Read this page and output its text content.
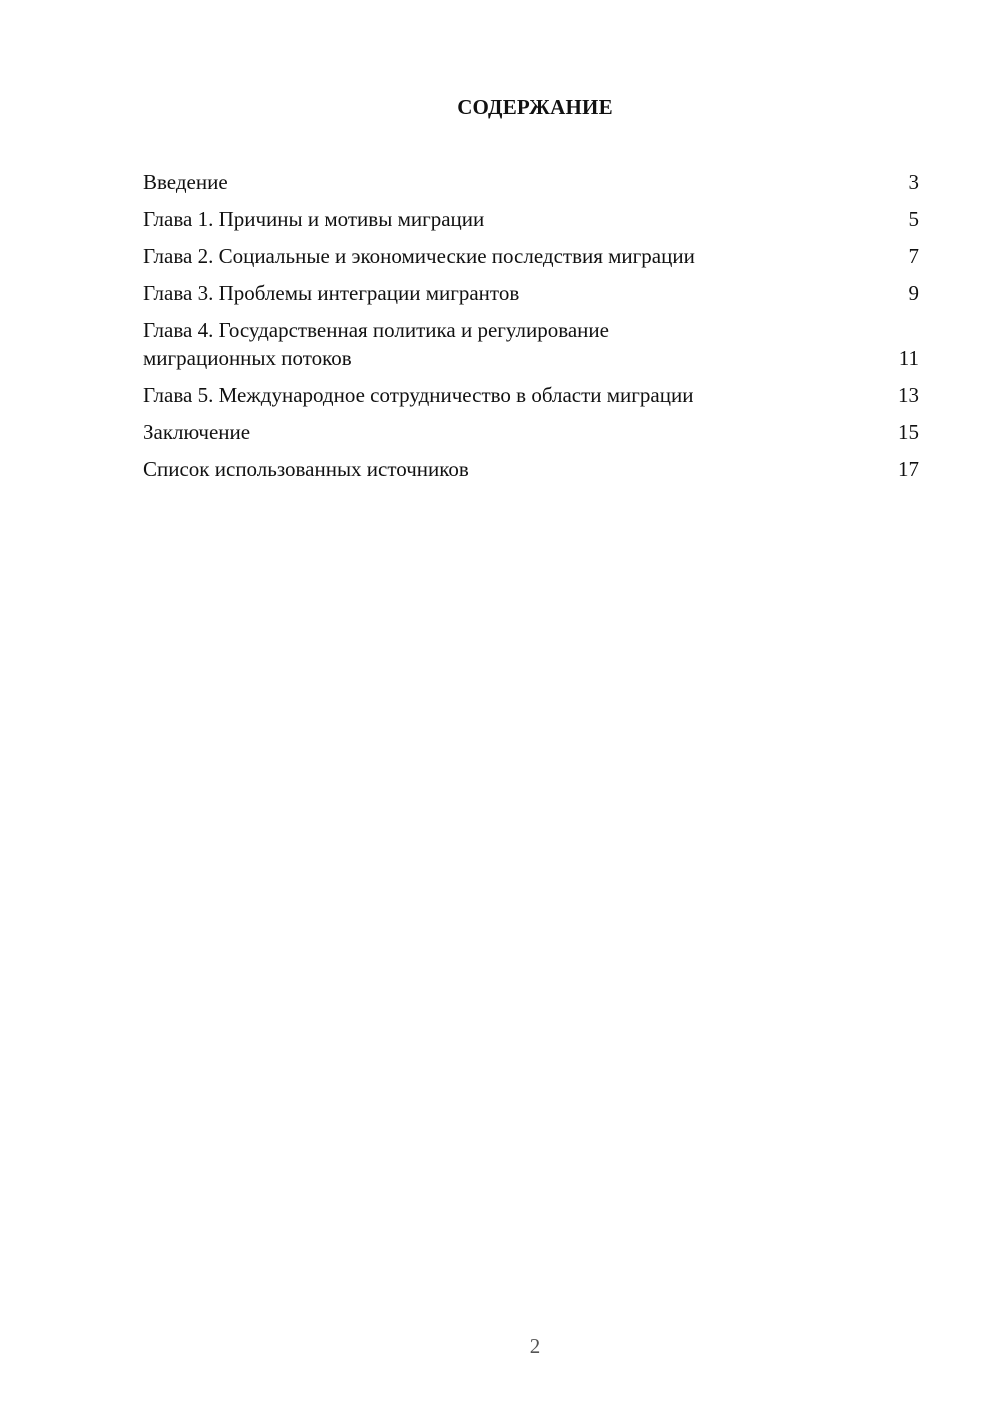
СОДЕРЖАНИЕ
Введение	3
Глава 1. Причины и мотивы миграции	5
Глава 2. Социальные и экономические последствия миграции	7
Глава 3. Проблемы интеграции мигрантов	9
Глава 4. Государственная политика и регулирование миграционных потоков	11
Глава 5. Международное сотрудничество в области миграции	13
Заключение	15
Список использованных источников	17
2
